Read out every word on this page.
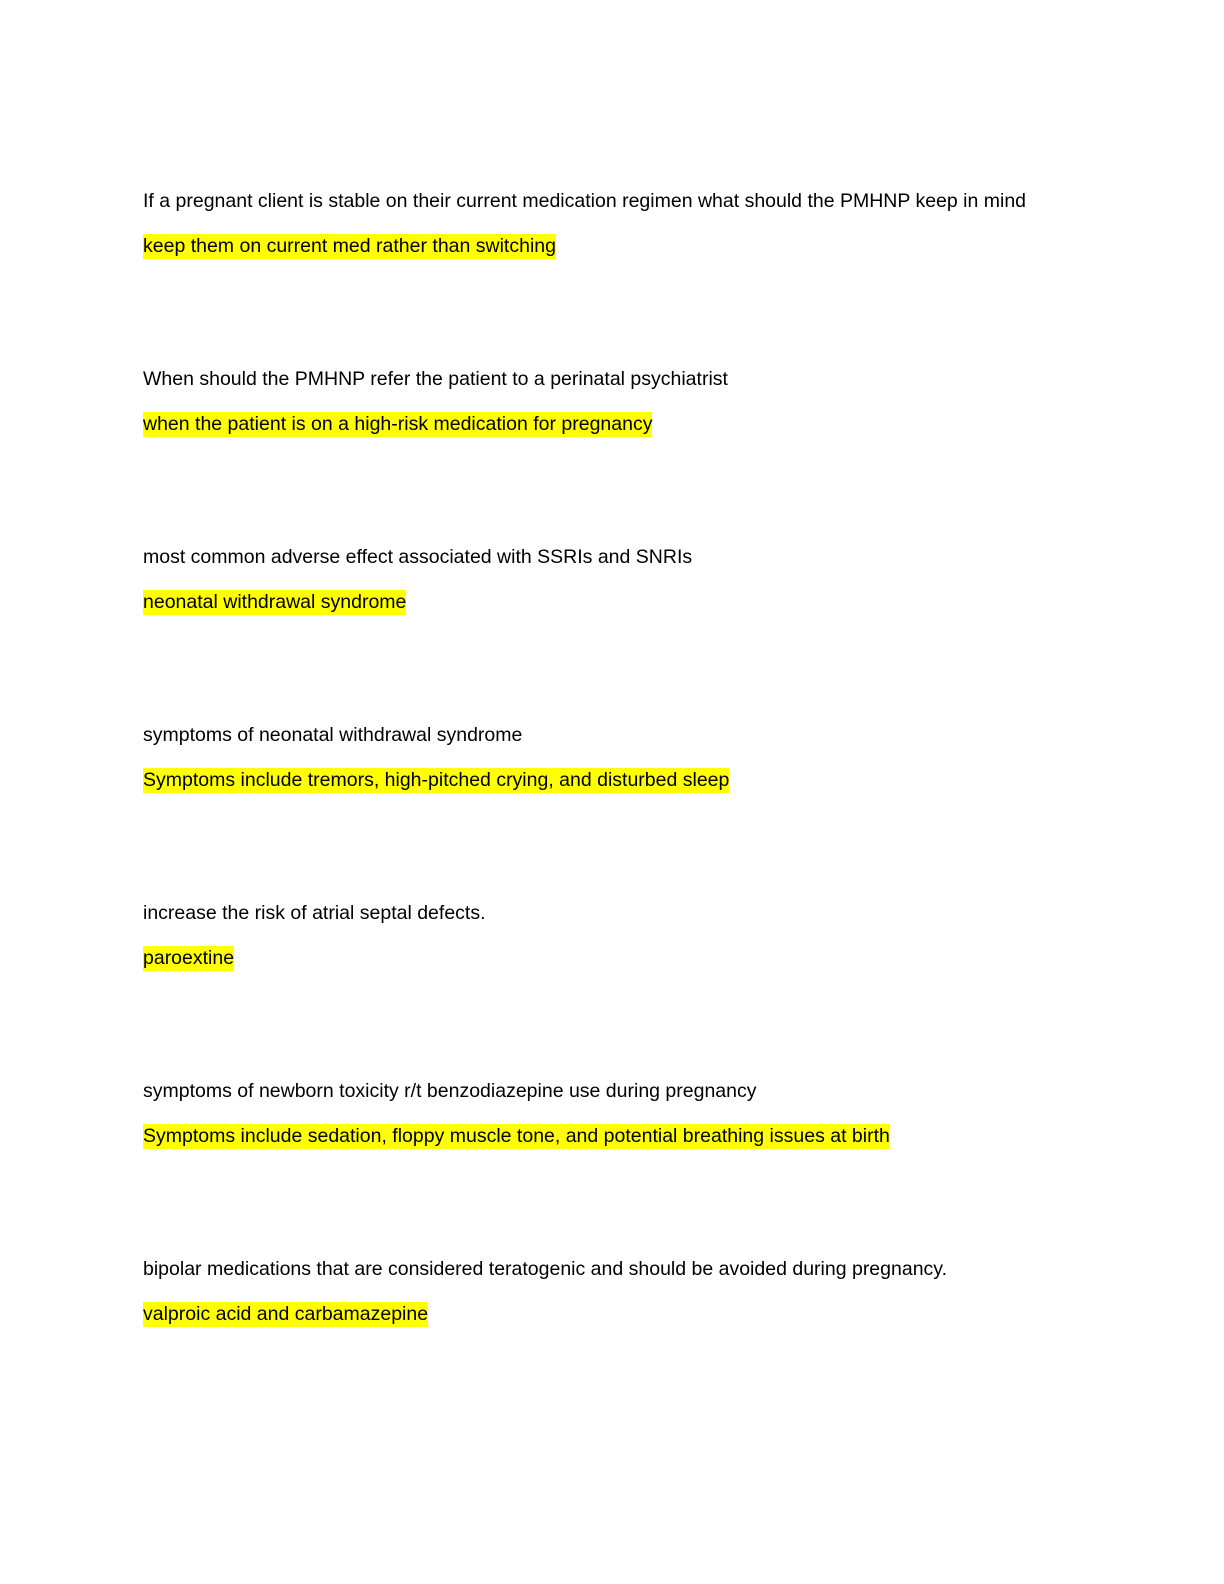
If a pregnant client is stable on their current medication regimen what should the PMHNP keep in mind
keep them on current med rather than switching
When should the PMHNP refer the patient to a perinatal psychiatrist
when the patient is on a high-risk medication for pregnancy
most common adverse effect associated with SSRIs and SNRIs
neonatal withdrawal syndrome
symptoms of neonatal withdrawal syndrome
Symptoms include tremors, high-pitched crying, and disturbed sleep
increase the risk of atrial septal defects.
paroextine
symptoms of newborn toxicity r/t benzodiazepine use during pregnancy
Symptoms include sedation, floppy muscle tone, and potential breathing issues at birth
bipolar medications that are considered teratogenic and should be avoided during pregnancy.
valproic acid and carbamazepine
